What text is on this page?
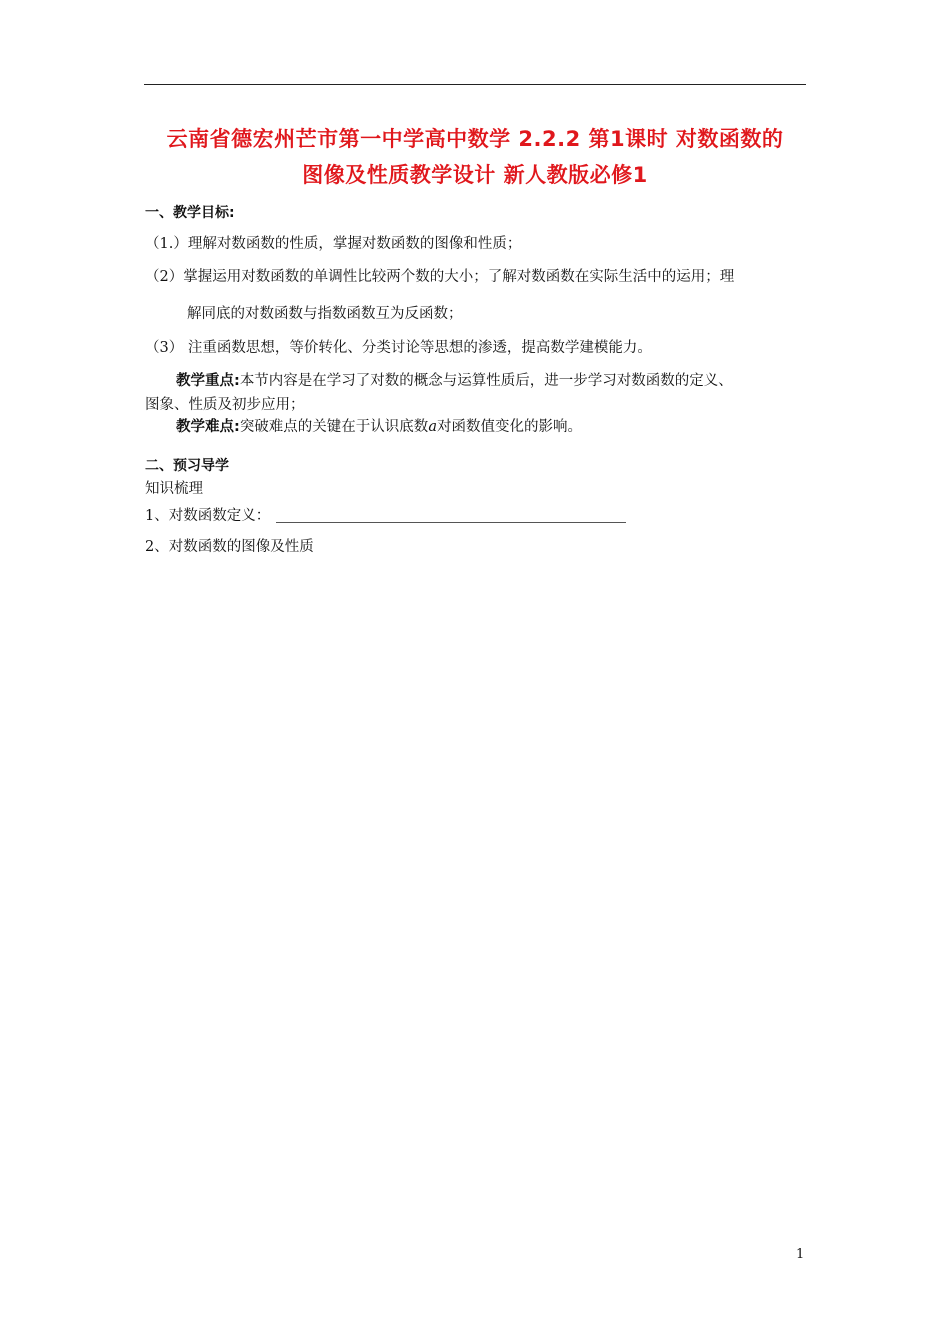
云南省德宏州芒市第一中学高中数学 2.2.2 第1课时 对数函数的
图像及性质教学设计 新人教版必修1
一、教学目标:
（1.）理解对数函数的性质，掌握对数函数的图像和性质；
（2）掌握运用对数函数的单调性比较两个数的大小；了解对数函数在实际生活中的运用；理
解同底的对数函数与指数函数互为反函数；
（3） 注重函数思想，等价转化、分类讨论等思想的渗透，提高数学建模能力。
教学重点:本节内容是在学习了对数的概念与运算性质后，进一步学习对数函数的定义、
图象、性质及初步应用；
教学难点:突破难点的关键在于认识底数a对函数值变化的影响。
二、预习导学
知识梳理
1、对数函数定义：
2、对数函数的图像及性质
1
